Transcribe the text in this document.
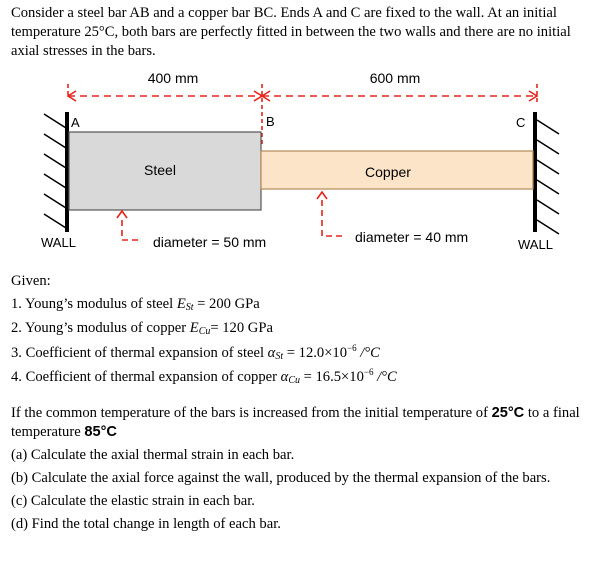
Consider a steel bar AB and a copper bar BC. Ends A and C are fixed to the wall. At an initial temperature 25°C, both bars are perfectly fitted in between the two walls and there are no initial axial stresses in the bars.
400 mm	600 mm
A	B	C
Steel	Copper
diameter = 50 mm	diameter = 40 mm
WALL	WALL

Given:

1. Young’s modulus of steel ESt = 200 GPa

2. Young’s modulus of copper ECu= 120 GPa

3. Coefficient of thermal expansion of steel $\alpha St = 12.0\times 10^{-6}$ /°C

4. Coefficient of thermal expansion of copper $\alpha Cu = 16.5\times 10^{-6}$ /°C

If the common temperature of the bars is increased from the initial temperature of 25°C to a final temperature 85°C

(a) Calculate the axial thermal strain in each bar.

(b) Calculate the axial force against the wall, produced by the thermal expansion of the bars.

(c) Calculate the elastic strain in each bar.

(d) Find the total change in length of each bar.
